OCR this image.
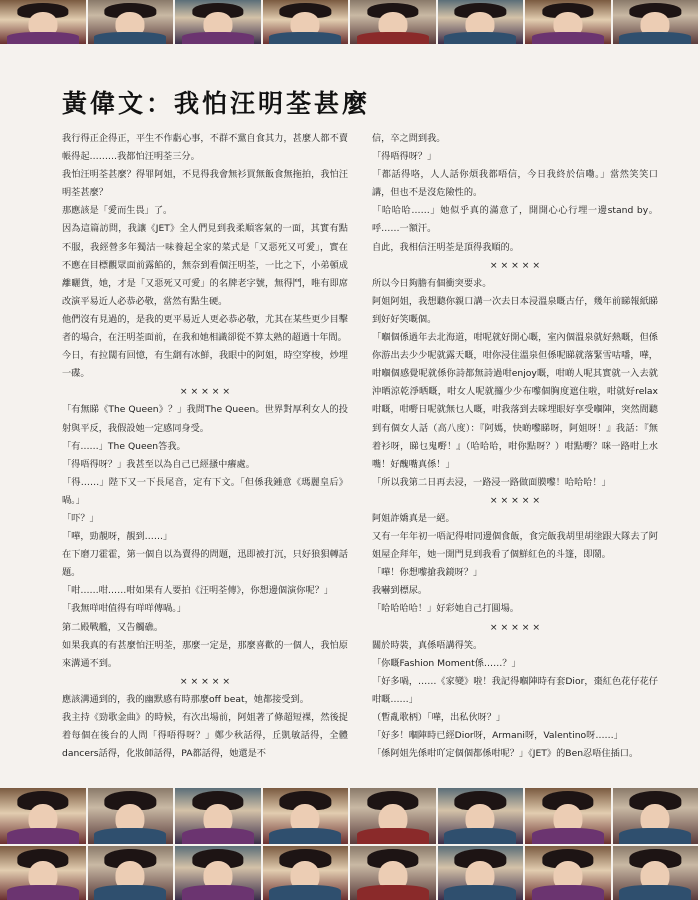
黃偉文：我怕汪明荃甚麼

我行得正企得正，平生不作虧心事，不群不黨自食其力，甚麼人都不賣帳得起………我都怕汪明荃三分。

我怕汪明荃甚麼？得罪阿姐，不見得我會無衫買無飯食無拖拍，我怕汪明荃甚麼？

那應該是「愛而生畏」了。

因為這篇訪問，我讓《JET》全人們見到我柔順客氣的一面，其實有點不服，我經營多年獨沽一味養起全家的菜式是「又惡死又可愛」，實在不應在目標觀眾面前露餡的，無奈到看個汪明荃，一比之下，小弟頓成離曬貨，她，才是「又惡死又可愛」的名牌老字號，無得鬥，唯有即席改演平易近人必恭必敬，當然有點生硬。

他們沒有見過的，是我的更平易近人更必恭必敬，尤其在某些更少目擊者的場合，在汪明荃面前，在我和她相識卻從不算太熟的超過十年間。

今日，有拉闊有回憶，有生劏有冰鮮，我眼中的阿姐，時空穿梭，炒埋一碟。

× × × × ×

「有無睇《The Queen》？」我問The Queen。世界對厚利女人的投射與平反，我假設她一定感同身受。

「有……」The Queen答我。

「得唔得呀？」我甚至以為自己已經搔中癢處。

「得……」陛下又一下長尾音，定有下文。「但係我鍾意《瑪麗皇后》喎。」

「吓？」

「嘩，勁靚呀，靚到……」

在下磨刀霍霍，第一個自以為賣得的問題，迅即被打沉，只好狼狽轉話題。

「咁……咁……咁如果有人要拍《汪明荃傳》，你想邊個演你呢？」

「我無咩咁值得有咩咩傳喎。」

第二殿戰艦，又告觸礁。

如果我真的有甚麼怕汪明荃，那麼一定是，那麼喜歡的一個人，我怕原來溝通不到。

× × × × ×

應該溝通到的，我的幽默感有時那麼off beat，她都接受到。

我主持《勁歌金曲》的時候，有次出場前，阿姐著了條超短裸，然後捉着每個在後台的人問「得唔得呀？」鄭少秋話得，丘凱敏話得，全體dancers話得，化妝師話得，PA都話得，她還是不

信，卒之問到我。

「得唔得呀？」

「都話得咯，人人話你煩我都唔信，今日我終於信嘞。」當然笑笑口講，但也不是沒危險性的。

「哈哈哈……」她似乎真的滿意了，開開心心行埋一邊stand by。呼……一額汗。

自此，我相信汪明荃是頂得我順的。

× × × × ×

所以今日夠膽有個衝突要求。

阿姐阿姐，我想聽你親口講一次去日本浸溫泉嘅古仔，幾年前睇報紙睇到好好笑嘅個。

「嗰個係過年去北海道，咁呢就好開心嘅，室內個溫泉就好熱嘅，但係你游出去少少呢就露天嘅，咁你浸住溫泉但係呢睇就落緊雪咕噃，嘩，咁嗰個感覺呢就係你詩都無詩過咁enjoy嘅，咁啲人呢其實就一入去就沖晒涼乾淨晒嘅，咁女人呢就攞少少布嚟個胸度遮住啦，咁就好relax咁嘅，咁嘢日呢就無乜人嘅，咁我落到去咪埋眼好享受嗰陣，突然間聽到有個女人話（高八度）：『阿媽，快啲嚟睇呀，阿姐呀！』我話：『無着衫呀，睇乜鬼嘢！』（哈哈哈，咁你點呀？）咁點嘢？咪一路咁上水嘴！好醜嘴真係！」

「所以我第二日再去浸，一路浸一路做面膜嚟！哈哈哈！」

× × × × ×

阿姐詐嬌真是一絕。

又有一年年初一唔記得咁同邊個食飯，食完飯我胡里胡塗跟大隊去了阿姐屋企拜年，她一開門見到我看了個鮮紅色的斗篷，即鬧。

「嘩！你想嚟搶我鏡呀？」

我嚇到標尿。

「哈哈哈哈！」好彩她自己打圓場。

× × × × ×

關於時裝，真係唔講得笑。

「你嘅Fashion Moment係……？」

「好多喎，……《家變》啦！我記得嗰陣時有套Dior，棗紅色花仔花仔咁嘅……」

（暫亂歌柄）「嘩，出私伙呀？」

「好多！嗰陣時已經Dior呀，Armani呀，Valentino呀……」

「係阿姐先係咁吖定個個都係咁呢？」《JET》的Ben忍唔住插口。
